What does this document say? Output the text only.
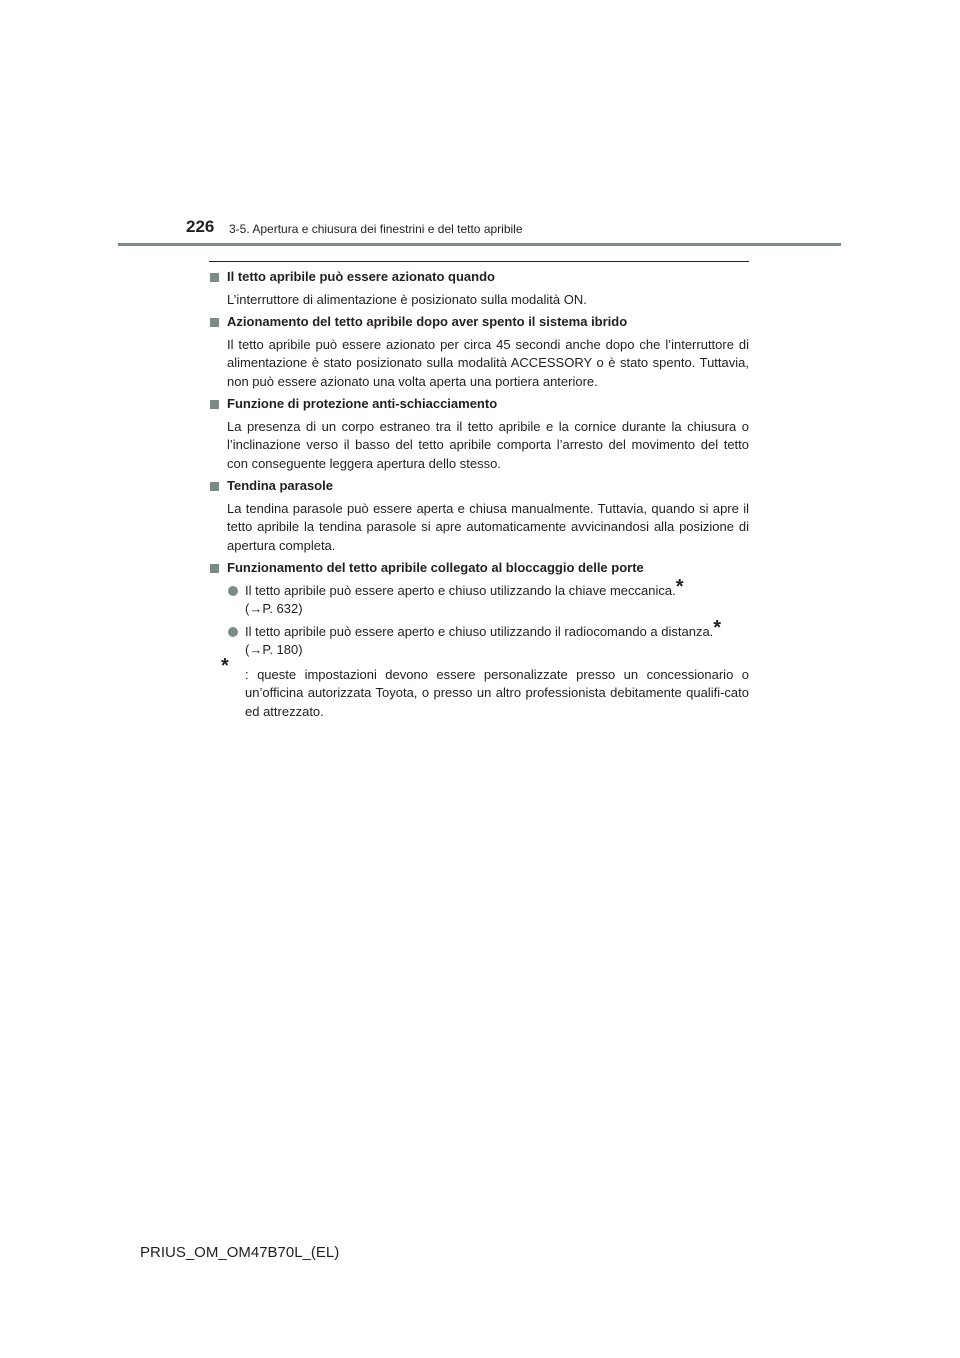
226 3-5. Apertura e chiusura dei finestrini e del tetto apribile
Il tetto apribile può essere azionato quando
L’interruttore di alimentazione è posizionato sulla modalità ON.
Azionamento del tetto apribile dopo aver spento il sistema ibrido
Il tetto apribile può essere azionato per circa 45 secondi anche dopo che l’interruttore di alimentazione è stato posizionato sulla modalità ACCESSORY o è stato spento. Tuttavia, non può essere azionato una volta aperta una portiera anteriore.
Funzione di protezione anti-schiacciamento
La presenza di un corpo estraneo tra il tetto apribile e la cornice durante la chiusura o l’inclinazione verso il basso del tetto apribile comporta l’arresto del movimento del tetto con conseguente leggera apertura dello stesso.
Tendina parasole
La tendina parasole può essere aperta e chiusa manualmente. Tuttavia, quando si apre il tetto apribile la tendina parasole si apre automaticamente avvicinandosi alla posizione di apertura completa.
Funzionamento del tetto apribile collegato al bloccaggio delle porte
Il tetto apribile può essere aperto e chiuso utilizzando la chiave meccanica.*
(→P. 632)
Il tetto apribile può essere aperto e chiuso utilizzando il radiocomando a distanza.*
(→P. 180)
*	: queste impostazioni devono essere personalizzate presso un concessionario o un’officina autorizzata Toyota, o presso un altro professionista debitamente qualifi-cato ed attrezzato.
PRIUS_OM_OM47B70L_(EL)
